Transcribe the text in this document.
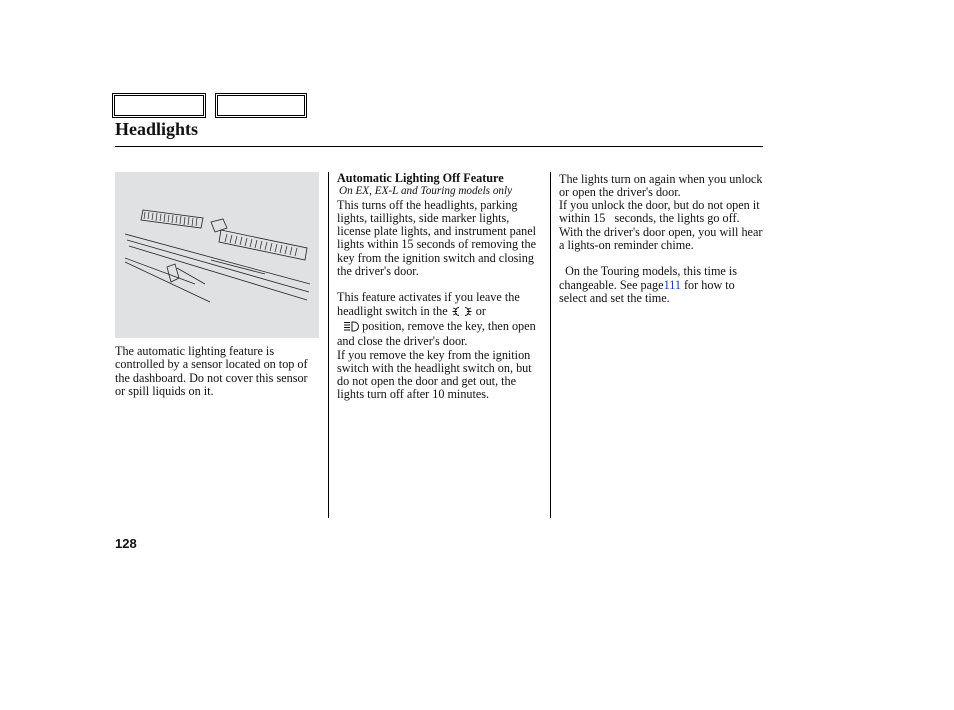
Headlights

The automatic lighting feature is controlled by a sensor located on top of the dashboard. Do not cover this sensor or spill liquids on it.

Automatic Lighting Off Feature

On EX, EX-L and Touring models only

This turns off the headlights, parking lights, taillights, side marker lights, license plate lights, and instrument panel lights within 15 seconds of removing the key from the ignition switch and closing the driver's door.

This feature activates if you leave the headlight switch in the or
position, remove the key, then open and close the driver's door.

If you remove the key from the ignition switch with the headlight switch on, but do not open the door and get out, the lights turn off after 10 minutes.

The lights turn on again when you unlock or open the driver's door.

If you unlock the door, but do not open it within 15   seconds, the lights go off. With the driver's door open, you will hear a lights-on reminder chime.

On the Touring models, this time is changeable. See page111 for how to select and set the time.

128
